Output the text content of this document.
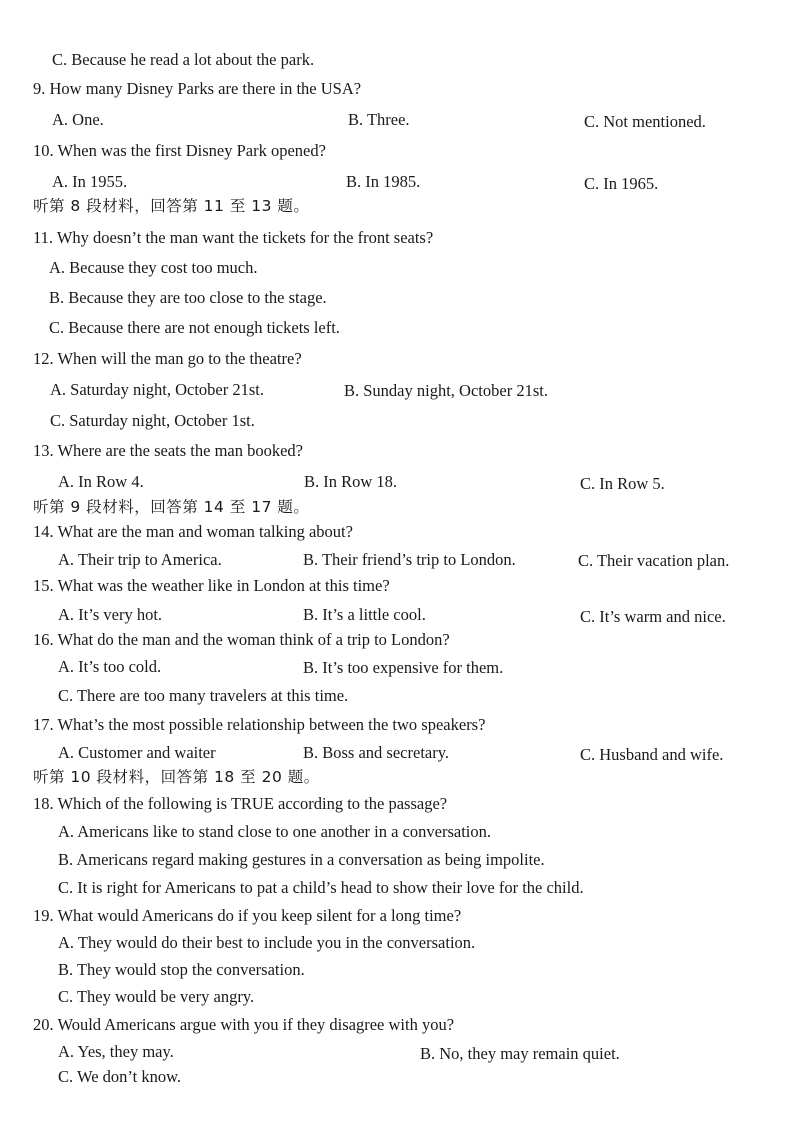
C. Because he read a lot about the park.
9. How many Disney Parks are there in the USA?
A. One.	B. Three.	C. Not mentioned.
10. When was the first Disney Park opened?
A. In 1955.	B. In 1985.	C. In 1965.
听第 8 段材料，回答第 11 至 13 题。
11. Why doesn’t the man want the tickets for the front seats?
A. Because they cost too much.
B. Because they are too close to the stage.
C. Because there are not enough tickets left.
12. When will the man go to the theatre?
A. Saturday night, October 21st.	B. Sunday night, October 21st.
C. Saturday night, October 1st.
13. Where are the seats the man booked?
A. In Row 4.	B. In Row 18.	C. In Row 5.
听第 9 段材料，回答第 14 至 17 题。
14. What are the man and woman talking about?
A. Their trip to America.	B. Their friend’s trip to London.	C. Their vacation plan.
15. What was the weather like in London at this time?
A. It’s very hot.	B. It’s a little cool.	C. It’s warm and nice.
16. What do the man and the woman think of a trip to London?
A. It’s too cold.	B. It’s too expensive for them.
C. There are too many travelers at this time.
17. What’s the most possible relationship between the two speakers?
A. Customer and waiter	B. Boss and secretary.	C. Husband and wife.
听第 10 段材料，回答第 18 至 20 题。
18. Which of the following is TRUE according to the passage?
A. Americans like to stand close to one another in a conversation.
B. Americans regard making gestures in a conversation as being impolite.
C. It is right for Americans to pat a child’s head to show their love for the child.
19. What would Americans do if you keep silent for a long time?
A. They would do their best to include you in the conversation.
B. They would stop the conversation.
C. They would be very angry.
20. Would Americans argue with you if they disagree with you?
A. Yes, they may.	B. No, they may remain quiet.
C. We don’t know.
